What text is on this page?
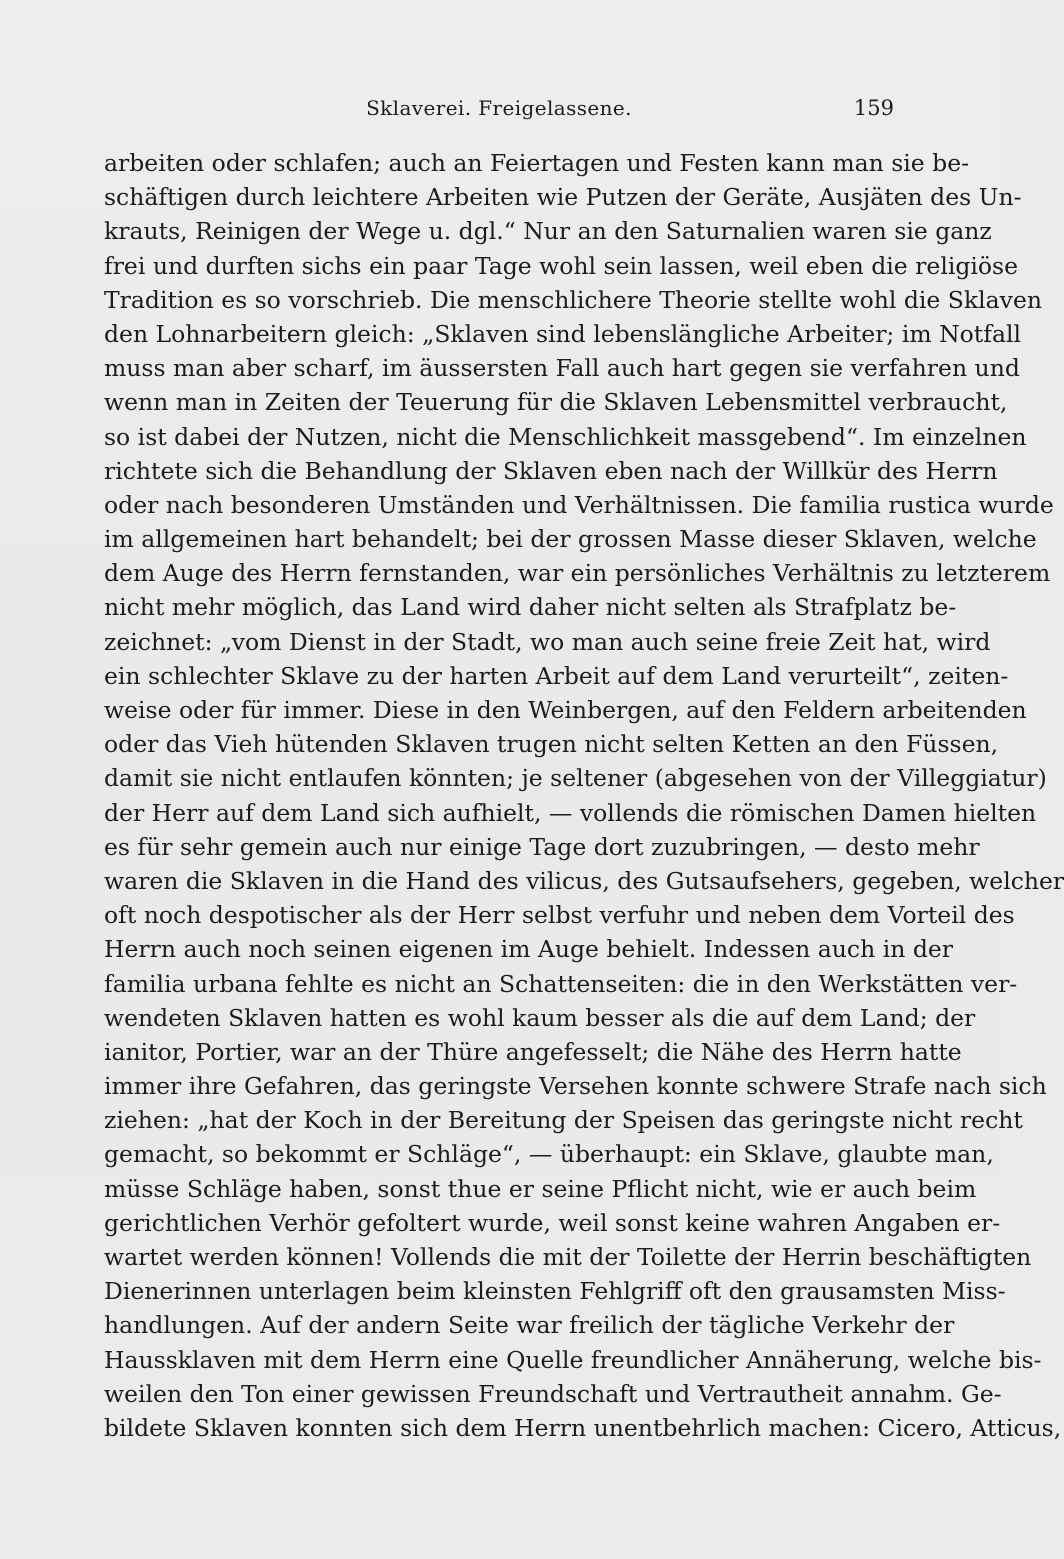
Sklaverei. Freigelassene.	159
arbeiten oder schlafen; auch an Feiertagen und Festen kann man sie be-
schäftigen durch leichtere Arbeiten wie Putzen der Geräte, Ausjäten des Un-
krauts, Reinigen der Wege u. dgl.“ Nur an den Saturnalien waren sie ganz
frei und durften sichs ein paar Tage wohl sein lassen, weil eben die religiöse
Tradition es so vorschrieb. Die menschlichere Theorie stellte wohl die Sklaven
den Lohnarbeitern gleich: „Sklaven sind lebenslängliche Arbeiter; im Notfall
muss man aber scharf, im äussersten Fall auch hart gegen sie verfahren und
wenn man in Zeiten der Teuerung für die Sklaven Lebensmittel verbraucht,
so ist dabei der Nutzen, nicht die Menschlichkeit massgebend“. Im einzelnen
richtete sich die Behandlung der Sklaven eben nach der Willkür des Herrn
oder nach besonderen Umständen und Verhältnissen. Die familia rustica wurde
im allgemeinen hart behandelt; bei der grossen Masse dieser Sklaven, welche
dem Auge des Herrn fernstanden, war ein persönliches Verhältnis zu letzterem
nicht mehr möglich, das Land wird daher nicht selten als Strafplatz be-
zeichnet: „vom Dienst in der Stadt, wo man auch seine freie Zeit hat, wird
ein schlechter Sklave zu der harten Arbeit auf dem Land verurteilt“, zeiten-
weise oder für immer. Diese in den Weinbergen, auf den Feldern arbeitenden
oder das Vieh hütenden Sklaven trugen nicht selten Ketten an den Füssen,
damit sie nicht entlaufen könnten; je seltener (abgesehen von der Villeggiatur)
der Herr auf dem Land sich aufhielt, — vollends die römischen Damen hielten
es für sehr gemein auch nur einige Tage dort zuzubringen, — desto mehr
waren die Sklaven in die Hand des vilicus, des Gutsaufsehers, gegeben, welcher
oft noch despotischer als der Herr selbst verfuhr und neben dem Vorteil des
Herrn auch noch seinen eigenen im Auge behielt. Indessen auch in der
familia urbana fehlte es nicht an Schattenseiten: die in den Werkstätten ver-
wendeten Sklaven hatten es wohl kaum besser als die auf dem Land; der
ianitor, Portier, war an der Thüre angefesselt; die Nähe des Herrn hatte
immer ihre Gefahren, das geringste Versehen konnte schwere Strafe nach sich
ziehen: „hat der Koch in der Bereitung der Speisen das geringste nicht recht
gemacht, so bekommt er Schläge“, — überhaupt: ein Sklave, glaubte man,
müsse Schläge haben, sonst thue er seine Pflicht nicht, wie er auch beim
gerichtlichen Verhör gefoltert wurde, weil sonst keine wahren Angaben er-
wartet werden können! Vollends die mit der Toilette der Herrin beschäftigten
Dienerinnen unterlagen beim kleinsten Fehlgriff oft den grausamsten Miss-
handlungen. Auf der andern Seite war freilich der tägliche Verkehr der
Haussklaven mit dem Herrn eine Quelle freundlicher Annäherung, welche bis-
weilen den Ton einer gewissen Freundschaft und Vertrautheit annahm. Ge-
bildete Sklaven konnten sich dem Herrn unentbehrlich machen: Cicero, Atticus,
